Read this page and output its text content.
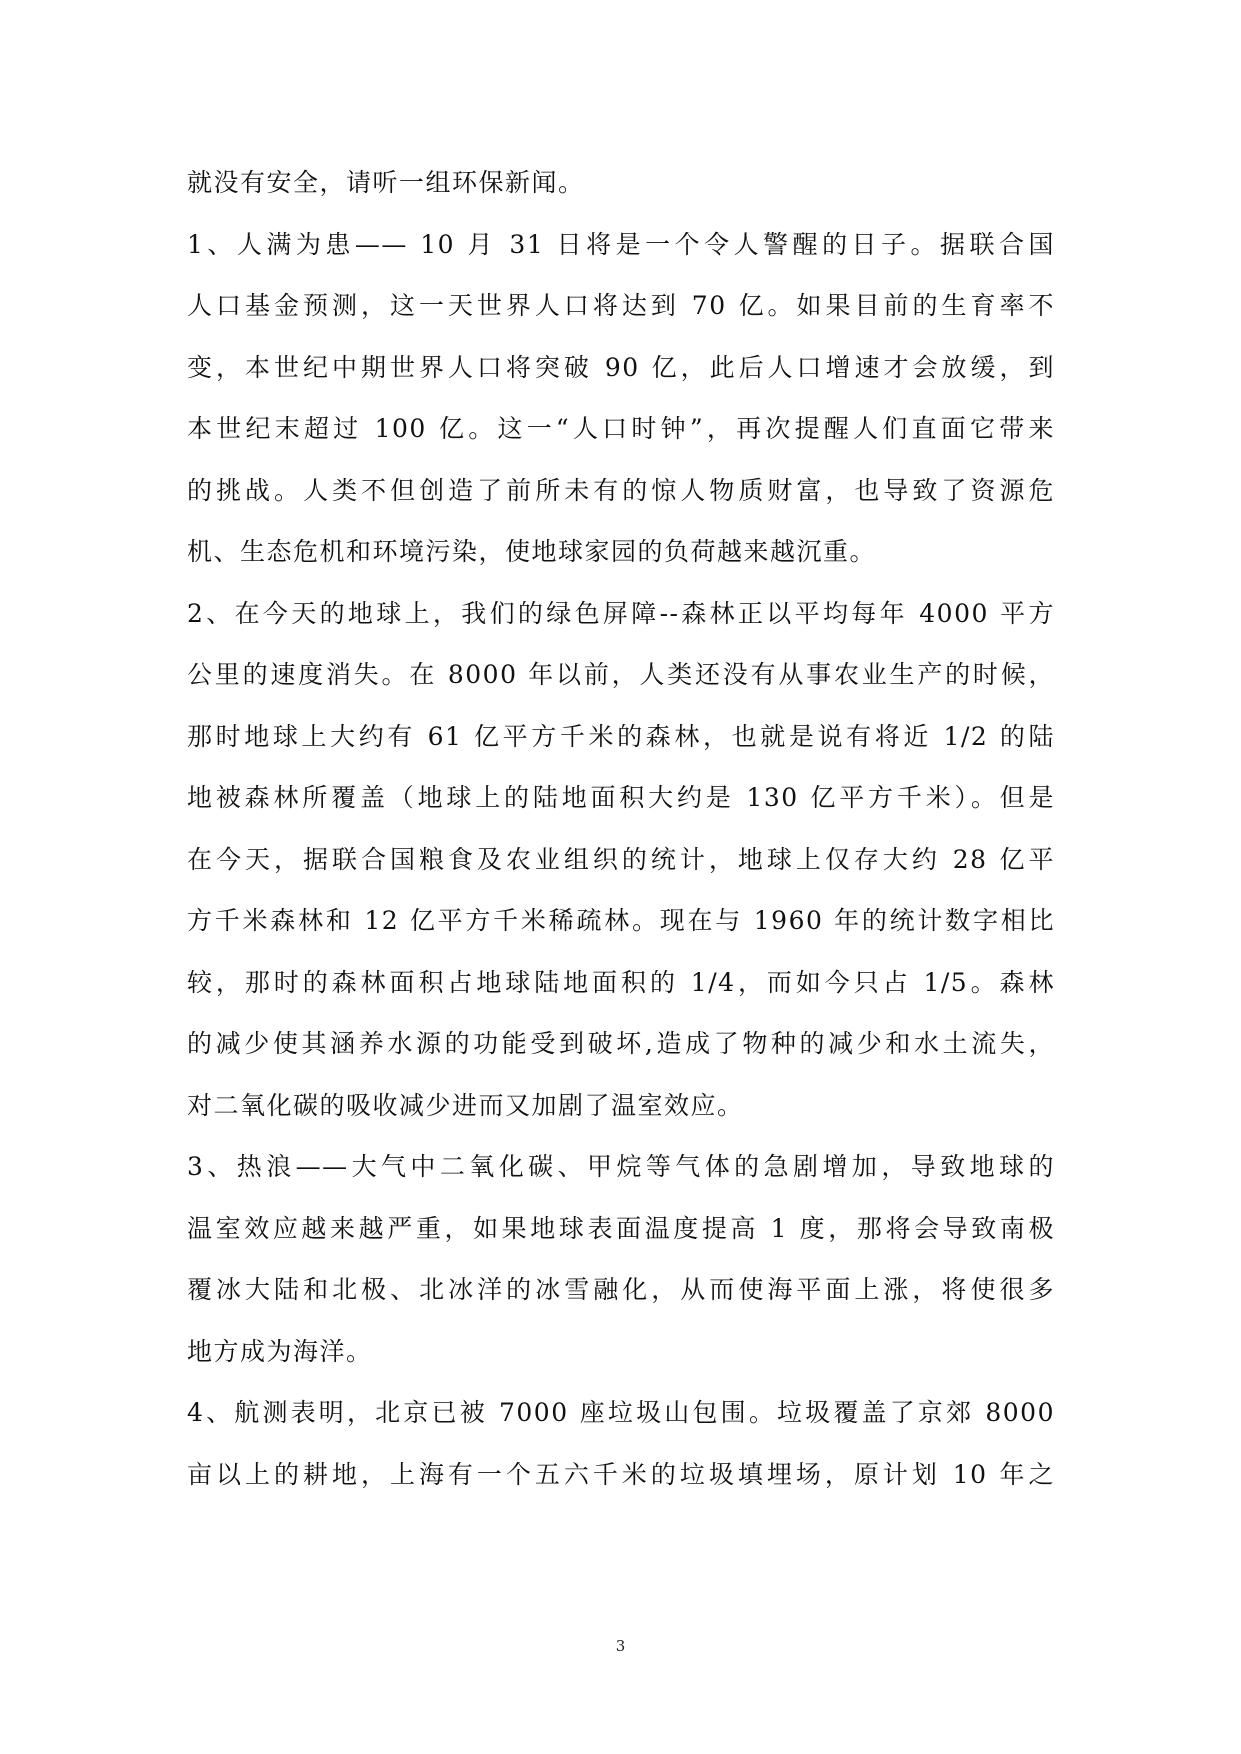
就没有安全，请听一组环保新闻。
1、人满为患—— 10 月 31 日将是一个令人警醒的日子。据联合国
人口基金预测，这一天世界人口将达到 70 亿。如果目前的生育率不
变，本世纪中期世界人口将突破 90 亿，此后人口增速才会放缓，到
本世纪末超过 100 亿。这一“人口时钟”，再次提醒人们直面它带来
的挑战。人类不但创造了前所未有的惊人物质财富，也导致了资源危
机、生态危机和环境污染，使地球家园的负荷越来越沉重。
2、在今天的地球上，我们的绿色屏障--森林正以平均每年 4000 平方
公里的速度消失。在 8000 年以前，人类还没有从事农业生产的时候，
那时地球上大约有 61 亿平方千米的森林，也就是说有将近 1/2 的陆
地被森林所覆盖（地球上的陆地面积大约是 130 亿平方千米）。但是
在今天，据联合国粮食及农业组织的统计，地球上仅存大约 28 亿平
方千米森林和 12 亿平方千米稀疏林。现在与 1960 年的统计数字相比
较，那时的森林面积占地球陆地面积的 1/4，而如今只占 1/5。森林
的减少使其涵养水源的功能受到破坏,造成了物种的减少和水土流失，
对二氧化碳的吸收减少进而又加剧了温室效应。
3、热浪——大气中二氧化碳、甲烷等气体的急剧增加，导致地球的
温室效应越来越严重，如果地球表面温度提高 1 度，那将会导致南极
覆冰大陆和北极、北冰洋的冰雪融化，从而使海平面上涨，将使很多
地方成为海洋。
4、航测表明，北京已被 7000 座垃圾山包围。垃圾覆盖了京郊 8000
亩以上的耕地，上海有一个五六千米的垃圾填埋场，原计划 10 年之
3
